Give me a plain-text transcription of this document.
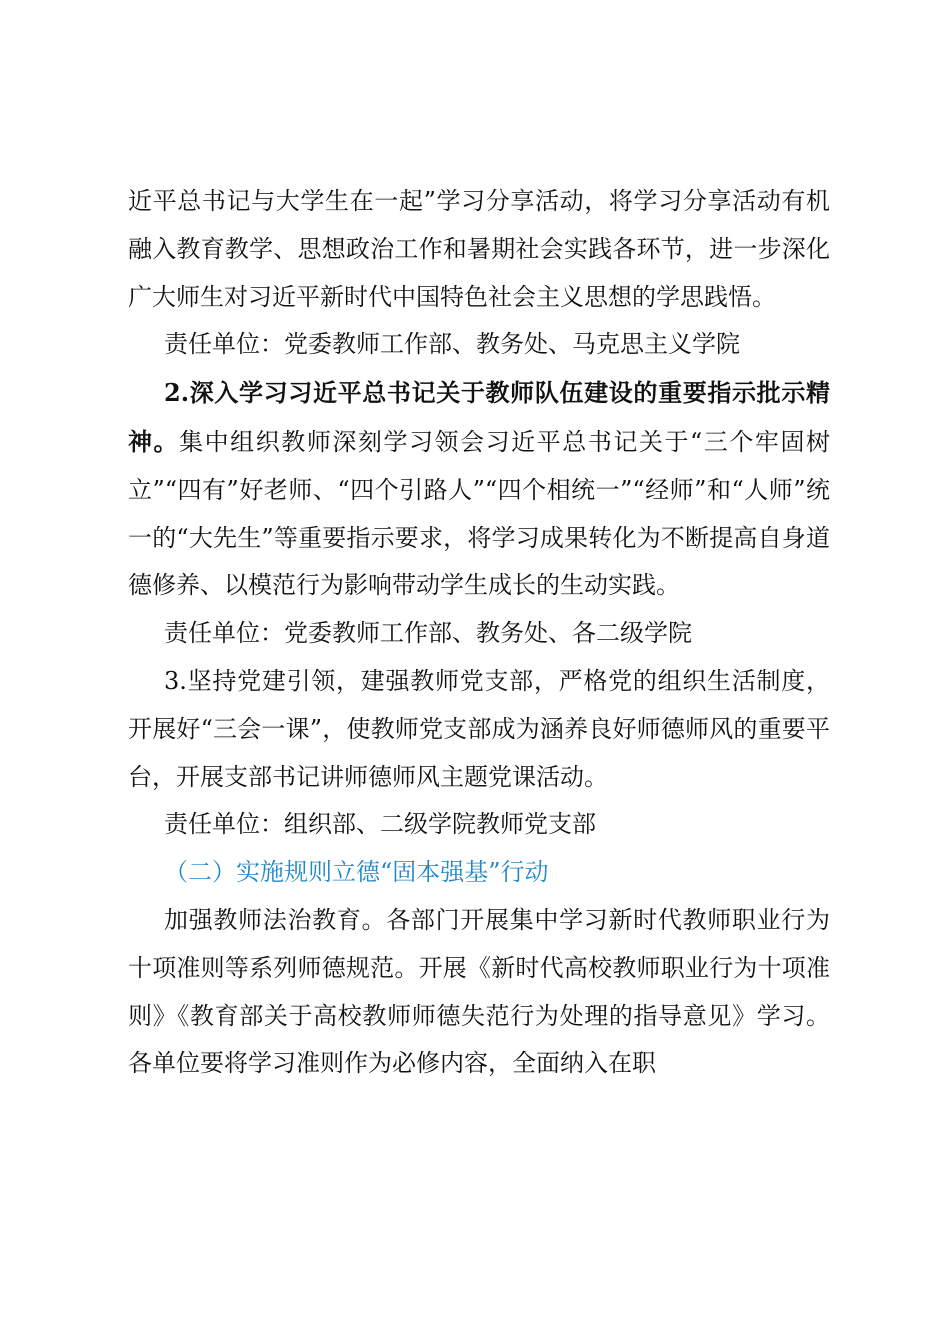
近平总书记与大学生在一起”学习分享活动，将学习分享活动有机融入教育教学、思想政治工作和暑期社会实践各环节，进一步深化广大师生对习近平新时代中国特色社会主义思想的学思践悟。

责任单位：党委教师工作部、教务处、马克思主义学院

2.深入学习习近平总书记关于教师队伍建设的重要指示批示精神。集中组织教师深刻学习领会习近平总书记关于“三个牢固树立”“四有”好老师、“四个引路人”“四个相统一”“经师”和“人师”统一的“大先生”等重要指示要求，将学习成果转化为不断提高自身道德修养、以模范行为影响带动学生成长的生动实践。

责任单位：党委教师工作部、教务处、各二级学院

3.坚持党建引领，建强教师党支部，严格党的组织生活制度，开展好“三会一课”，使教师党支部成为涵养良好师德师风的重要平台，开展支部书记讲师德师风主题党课活动。

责任单位：组织部、二级学院教师党支部

（二）实施规则立德“固本强基”行动

加强教师法治教育。各部门开展集中学习新时代教师职业行为十项准则等系列师德规范。开展《新时代高校教师职业行为十项准则》《教育部关于高校教师师德失范行为处理的指导意见》学习。各单位要将学习准则作为必修内容，全面纳入在职
